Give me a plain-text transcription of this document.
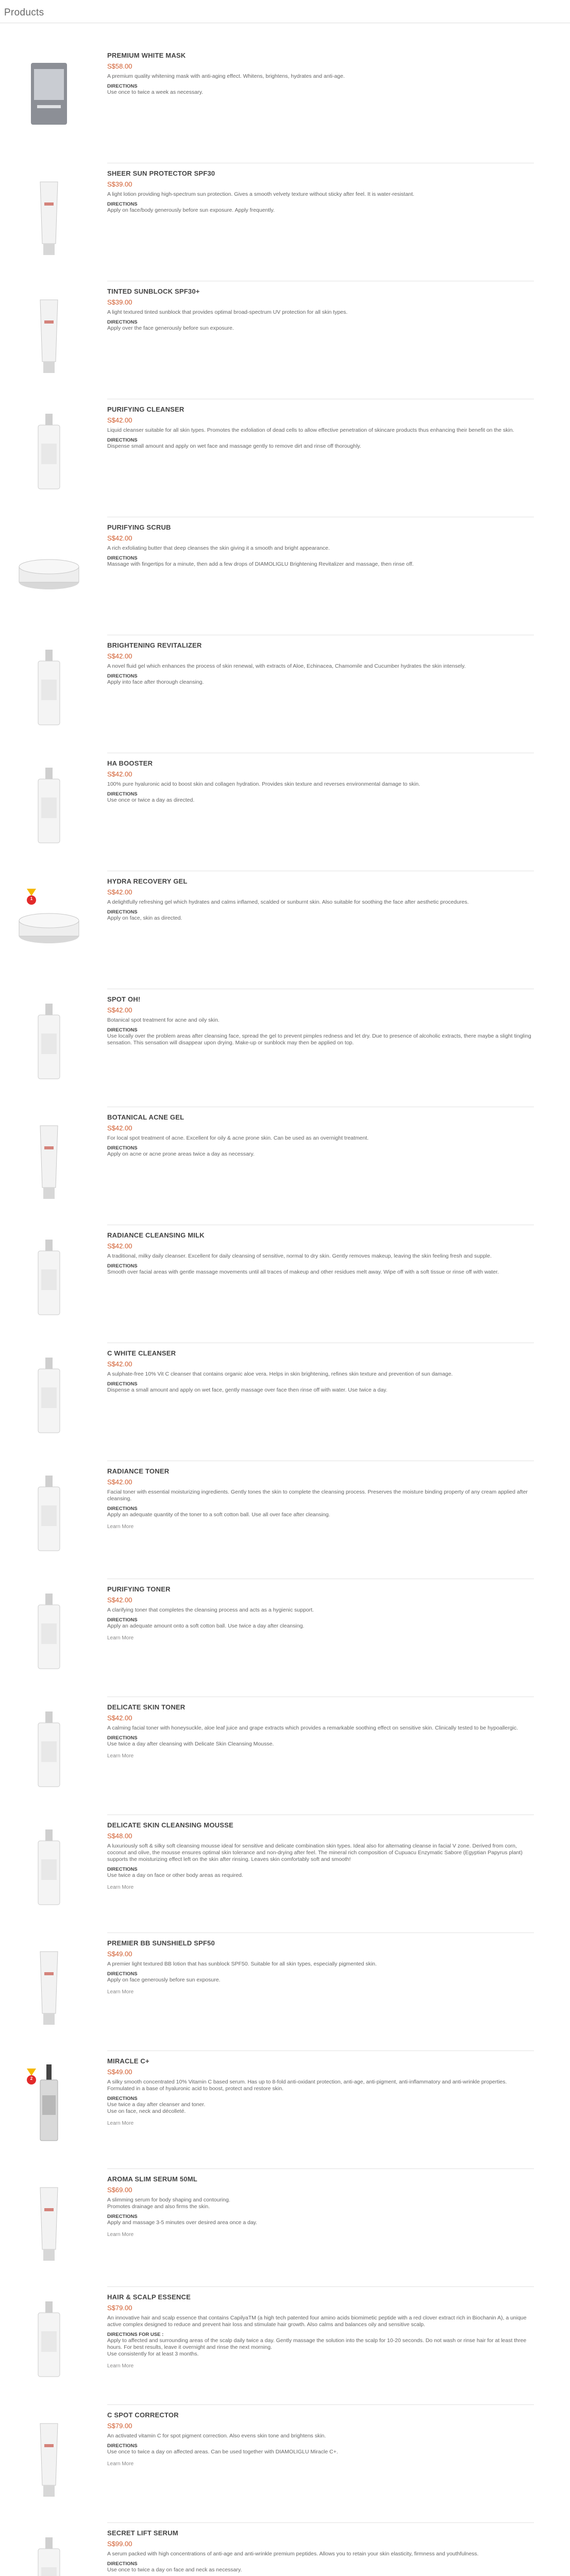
Products
PREMIUM WHITE MASK
S$58.00
A premium quality whitening mask with anti-aging effect. Whitens, brightens, hydrates and anti-age.
DIRECTIONS
Use once to twice a week as necessary.
SHEER SUN PROTECTOR SPF30
S$39.00
A light lotion providing high-spectrum sun protection. Gives a smooth velvety texture without sticky after feel. It is water-resistant.
DIRECTIONS
Apply on face/body generously before sun exposure. Apply frequently.
TINTED SUNBLOCK SPF30+
S$39.00
A light textured tinted sunblock that provides optimal broad-spectrum UV protection for all skin types.
DIRECTIONS
Apply over the face generously before sun exposure.
PURIFYING CLEANSER
S$42.00
Liquid cleanser suitable for all skin types. Promotes the exfoliation of dead cells to allow effective penetration of skincare products thus enhancing their benefit on the skin.
DIRECTIONS
Dispense small amount and apply on wet face and massage gently to remove dirt and rinse off thoroughly.
PURIFYING SCRUB
S$42.00
A rich exfoliating butter that deep cleanses the skin giving it a smooth and bright appearance.
DIRECTIONS
Massage with fingertips for a minute, then add a few drops of DIAMOLIGLU Brightening Revitalizer and massage, then rinse off.
BRIGHTENING REVITALIZER
S$42.00
A novel fluid gel which enhances the process of skin renewal, with extracts of Aloe, Echinacea, Chamomile and Cucumber hydrates the skin intensely.
DIRECTIONS
Apply into face after thorough cleansing.
HA BOOSTER
S$42.00
100% pure hyaluronic acid to boost skin and collagen hydration. Provides skin texture and reverses environmental damage to skin.
DIRECTIONS
Use once or twice a day as directed.
1
HYDRA RECOVERY GEL
S$42.00
A delightfully refreshing gel which hydrates and calms inflamed, scalded or sunburnt skin. Also suitable for soothing the face after aesthetic procedures.
DIRECTIONS
Apply on face, skin as directed.
SPOT OH!
S$42.00
Botanical spot treatment for acne and oily skin.
DIRECTIONS
Use locally over the problem areas after cleansing face, spread the gel to prevent pimples redness and let dry. Due to presence of alcoholic extracts, there maybe a slight tingling sensation. This sensation will disappear upon drying. Make-up or sunblock may then be applied on top.
BOTANICAL ACNE GEL
S$42.00
For local spot treatment of acne. Excellent for oily & acne prone skin. Can be used as an overnight treatment.
DIRECTIONS
Apply on acne or acne prone areas twice a day as necessary.
RADIANCE CLEANSING MILK
S$42.00
A traditional, milky daily cleanser. Excellent for daily cleansing of sensitive, normal to dry skin. Gently removes makeup, leaving the skin feeling fresh and supple.
DIRECTIONS
Smooth over facial areas with gentle massage movements until all traces of makeup and other residues melt away. Wipe off with a soft tissue or rinse off with water.
C WHITE CLEANSER
S$42.00
A sulphate-free 10% Vit C cleanser that contains organic aloe vera. Helps in skin brightening, refines skin texture and prevention of sun damage.
DIRECTIONS
Dispense a small amount and apply on wet face, gently massage over face then rinse off with water. Use twice a day.
RADIANCE TONER
S$42.00
Facial toner with essential moisturizing ingredients. Gently tones the skin to complete the cleansing process. Preserves the moisture binding property of any cream applied after cleansing.
DIRECTIONS
Apply an adequate quantity of the toner to a soft cotton ball. Use all over face after cleansing.
Learn More
PURIFYING TONER
S$42.00
A clarifying toner that completes the cleansing process and acts as a hygienic support.
DIRECTIONS
Apply an adequate amount onto a soft cotton ball. Use twice a day after cleansing.
Learn More
DELICATE SKIN TONER
S$42.00
A calming facial toner with honeysuckle, aloe leaf juice and grape extracts which provides a remarkable soothing effect on sensitive skin. Clinically tested to be hypoallergic.
DIRECTIONS
Use twice a day after cleansing with Delicate Skin Cleansing Mousse.
Learn More
DELICATE SKIN CLEANSING MOUSSE
S$48.00
A luxuriously soft & silky soft cleansing mousse ideal for sensitive and delicate combination skin types. Ideal also for alternating cleanse in facial V zone. Derived from corn, coconut and olive, the mousse ensures optimal skin tolerance and non-drying after feel. The mineral rich composition of Cupuacu Enzymatic Sabore (Egyptian Papyrus plant) supports the moisturizing effect left on the skin after rinsing. Leaves skin comfortably soft and smooth!
DIRECTIONS
Use twice a day on face or other body areas as required.
Learn More
PREMIER BB SUNSHIELD SPF50
S$49.00
A premier light textured BB lotion that has sunblock SPF50. Suitable for all skin types, especially pigmented skin.
DIRECTIONS
Apply on face generously before sun exposure.
Learn More
2
MIRACLE C+
S$49.00
A silky smooth concentrated 10% Vitamin C based serum. Has up to 8-fold anti-oxidant protection, anti-age, anti-pigment, anti-inflammatory and anti-wrinkle properties. Formulated in a base of hyaluronic acid to boost, protect and restore skin.
DIRECTIONS
Use twice a day after cleanser and toner.
Use on face, neck and décolleté.
Learn More
AROMA SLIM SERUM 50ML
S$69.00
A slimming serum for body shaping and contouring.
Promotes drainage and also firms the skin.
DIRECTIONS
Apply and massage 3-5 minutes over desired area once a day.
Learn More
HAIR & SCALP ESSENCE
S$79.00
An innovative hair and scalp essence that contains CapilyaTM (a high tech patented four amino acids biomimetic peptide with a red clover extract rich in Biochanin A), a unique active complex designed to reduce and prevent hair loss and stimulate hair growth. Also calms and balances oily and sensitive scalp.
DIRECTIONS FOR USE :
Apply to affected and surrounding areas of the scalp daily twice a day. Gently massage the solution into the scalp for 10-20 seconds. Do not wash or rinse hair for at least three hours. For best results, leave it overnight and rinse the next morning.
Use consistently for at least 3 months.
Learn More
C SPOT CORRECTOR
S$79.00
An activated vitamin C for spot pigment correction. Also evens skin tone and brightens skin.
DIRECTIONS
Use once to twice a day on affected areas. Can be used together with DIAMOLIGLU Miracle C+.
Learn More
SECRET LIFT SERUM
S$99.00
A serum packed with high concentrations of anti-age and anti-wrinkle premium peptides. Allows you to retain your skin elasticity, firmness and youthfulness.
DIRECTIONS
Use once to twice a day on face and neck as necessary.
